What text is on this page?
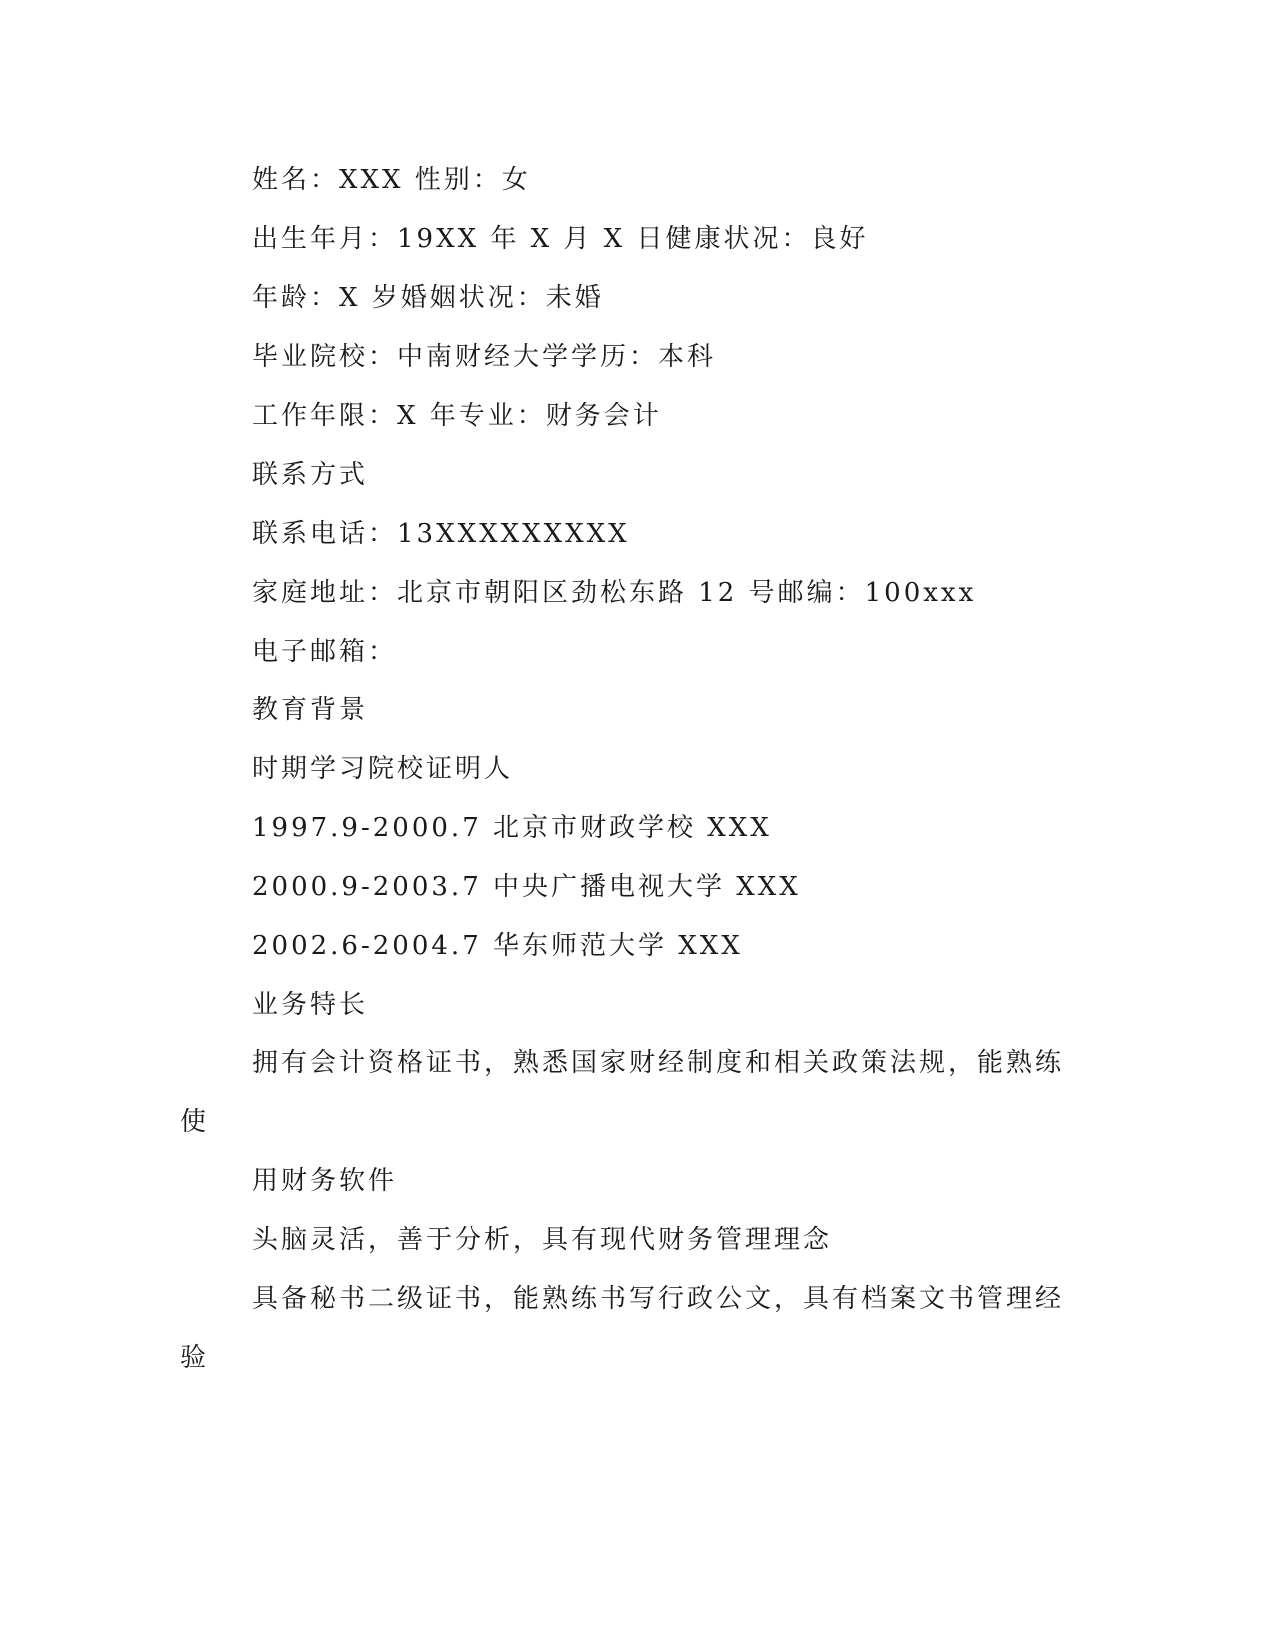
姓名：XXX 性别：女
出生年月：19XX 年 X 月 X 日健康状况：良好
年龄：X 岁婚姻状况：未婚
毕业院校：中南财经大学学历：本科
工作年限：X 年专业：财务会计
联系方式
联系电话：13XXXXXXXXX
家庭地址：北京市朝阳区劲松东路 12 号邮编：100xxx
电子邮箱：
教育背景
时期学习院校证明人
1997.9-2000.7 北京市财政学校 XXX
2000.9-2003.7 中央广播电视大学 XXX
2002.6-2004.7 华东师范大学 XXX
业务特长
拥有会计资格证书，熟悉国家财经制度和相关政策法规，能熟练
使
用财务软件
头脑灵活，善于分析，具有现代财务管理理念
具备秘书二级证书，能熟练书写行政公文，具有档案文书管理经
验
